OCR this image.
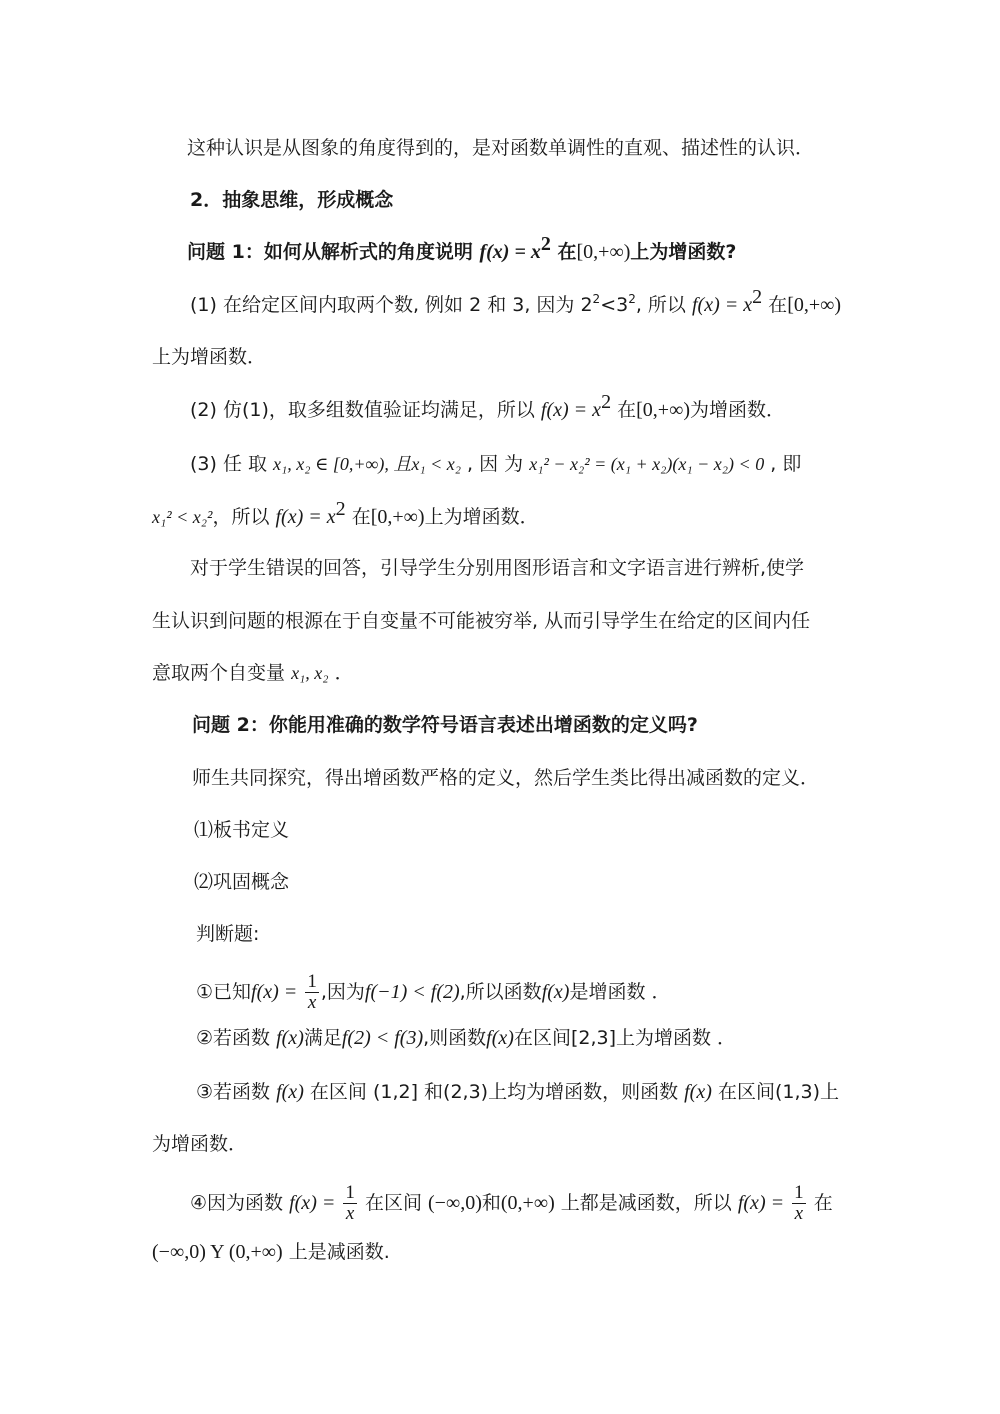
这种认识是从图象的角度得到的，是对函数单调性的直观、描述性的认识．
2．抽象思维，形成概念
问题 1：如何从解析式的角度说明 $f(x) = x^2$ 在[0,+∞)上为增函数?
(1) 在给定区间内取两个数, 例如 2 和 3, 因为 $2^2<3^2$, 所以 $f(x) = x^2$ 在[0,+∞)
上为增函数．
(2) 仿(1)，取多组数值验证均满足，所以 $f(x) = x^2$ 在[0,+∞)为增函数．
(3) 任 取 x₁, x₂ ∈ [0,+∞), 且x₁ < x₂ , 因 为 x₁² − x₂² = (x₁ + x₂)(x₁ − x₂) < 0 , 即
x₁² < x₂²，所以 $f(x) = x^2$ 在[0,+∞)上为增函数．
对于学生错误的回答，引导学生分别用图形语言和文字语言进行辨析,使学
生认识到问题的根源在于自变量不可能被穷举, 从而引导学生在给定的区间内任
意取两个自变量 x₁, x₂ ．
问题 2：你能用准确的数学符号语言表述出增函数的定义吗?
师生共同探究，得出增函数严格的定义，然后学生类比得出减函数的定义．
⑴板书定义
⑵巩固概念
判断题:
①已知$f(x) = \frac{1}{x}$ ,因为f(−1) < f(2),所以函数f(x)是增函数 ．
②若函数 f(x)满足f(2) < f(3),则函数f(x)在区间[2,3]上为增函数 ．
③若函数 f(x) 在区间 (1,2] 和(2,3)上均为增函数，则函数 f(x) 在区间(1,3)上
为增函数．
④因为函数 $f(x) = \frac{1}{x}$ 在区间 (−∞,0)和(0,+∞) 上都是减函数，所以 $f(x) = \frac{1}{x}$ 在
(−∞,0) Y (0,+∞) 上是减函数.
